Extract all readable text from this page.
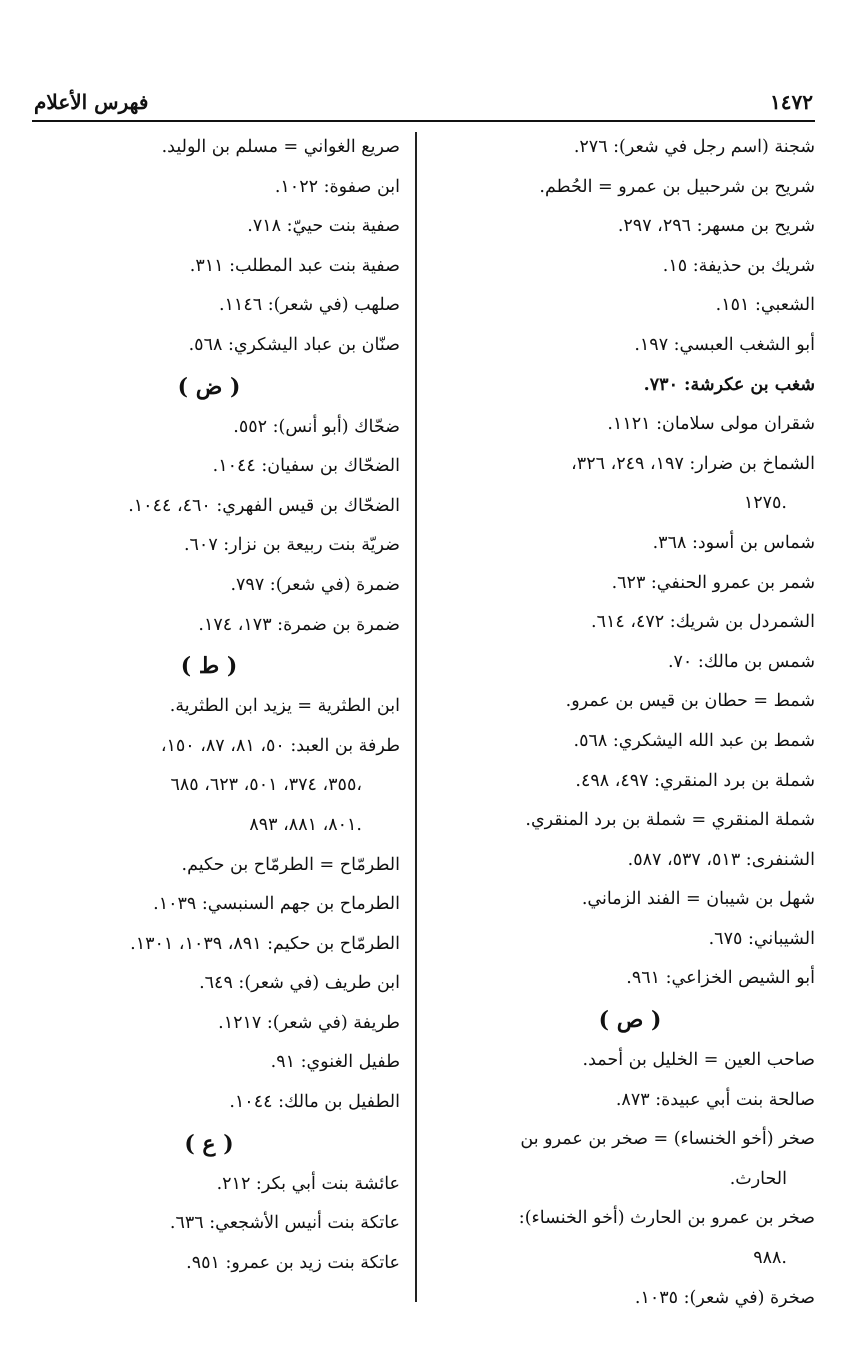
١٤٧٢
فهرس الأعلام
شجنة (اسم رجل في شعر): ٢٧٦.
شريح بن شرحبيل بن عمرو = الحُطم.
شريح بن مسهر: ٢٩٦، ٢٩٧.
شريك بن حذيفة: ١٥.
الشعبي: ١٥١.
أبو الشغب العبسي: ١٩٧.
شغب بن عكرشة: ٧٣٠.
شقران مولى سلامان: ١١٢١.
الشماخ بن ضرار: ١٩٧، ٢٤٩، ٣٢٦،
١٢٧٥.
شماس بن أسود: ٣٦٨.
شمر بن عمرو الحنفي: ٦٢٣.
الشمردل بن شريك: ٤٧٢، ٦١٤.
شمس بن مالك: ٧٠.
شمط = حطان بن قيس بن عمرو.
شمط بن عبد الله اليشكري: ٥٦٨.
شملة بن برد المنقري: ٤٩٧، ٤٩٨.
شملة المنقري = شملة بن برد المنقري.
الشنفرى: ٥١٣، ٥٣٧، ٥٨٧.
شهل بن شيبان = الفند الزماني.
الشيباني: ٦٧٥.
أبو الشيص الخزاعي: ٩٦١.
( ص )
صاحب العين = الخليل بن أحمد.
صالحة بنت أبي عبيدة: ٨٧٣.
صخر (أخو الخنساء) = صخر بن عمرو بن
الحارث.
صخر بن عمرو بن الحارث (أخو الخنساء):
٩٨٨.
صخرة (في شعر): ١٠٣٥.
صريع الغواني = مسلم بن الوليد.
ابن صفوة: ١٠٢٢.
صفية بنت حييّ: ٧١٨.
صفية بنت عبد المطلب: ٣١١.
صلهب (في شعر): ١١٤٦.
صنّان بن عباد اليشكري: ٥٦٨.
( ض )
ضحّاك (أبو أنس): ٥٥٢.
الضحّاك بن سفيان: ١٠٤٤.
الضحّاك بن قيس الفهري: ٤٦٠، ١٠٤٤.
ضريّة بنت ربيعة بن نزار: ٦٠٧.
ضمرة (في شعر): ٧٩٧.
ضمرة بن ضمرة: ١٧٣، ١٧٤.
( ط )
ابن الطثرية = يزيد ابن الطثرية.
طرفة بن العبد: ٥٠، ٨١، ٨٧، ١٥٠،
٣٥٥، ٣٧٤، ٥٠١، ٦٢٣، ٦٨٥،
٨٠١، ٨٨١، ٨٩٣.
الطرمّاح = الطرمّاح بن حكيم.
الطرماح بن جهم السنبسي: ١٠٣٩.
الطرمّاح بن حكيم: ٨٩١، ١٠٣٩، ١٣٠١.
ابن طريف (في شعر): ٦٤٩.
طريفة (في شعر): ١٢١٧.
طفيل الغنوي: ٩١.
الطفيل بن مالك: ١٠٤٤.
( ع )
عائشة بنت أبي بكر: ٢١٢.
عاتكة بنت أنيس الأشجعي: ٦٣٦.
عاتكة بنت زيد بن عمرو: ٩٥١.
